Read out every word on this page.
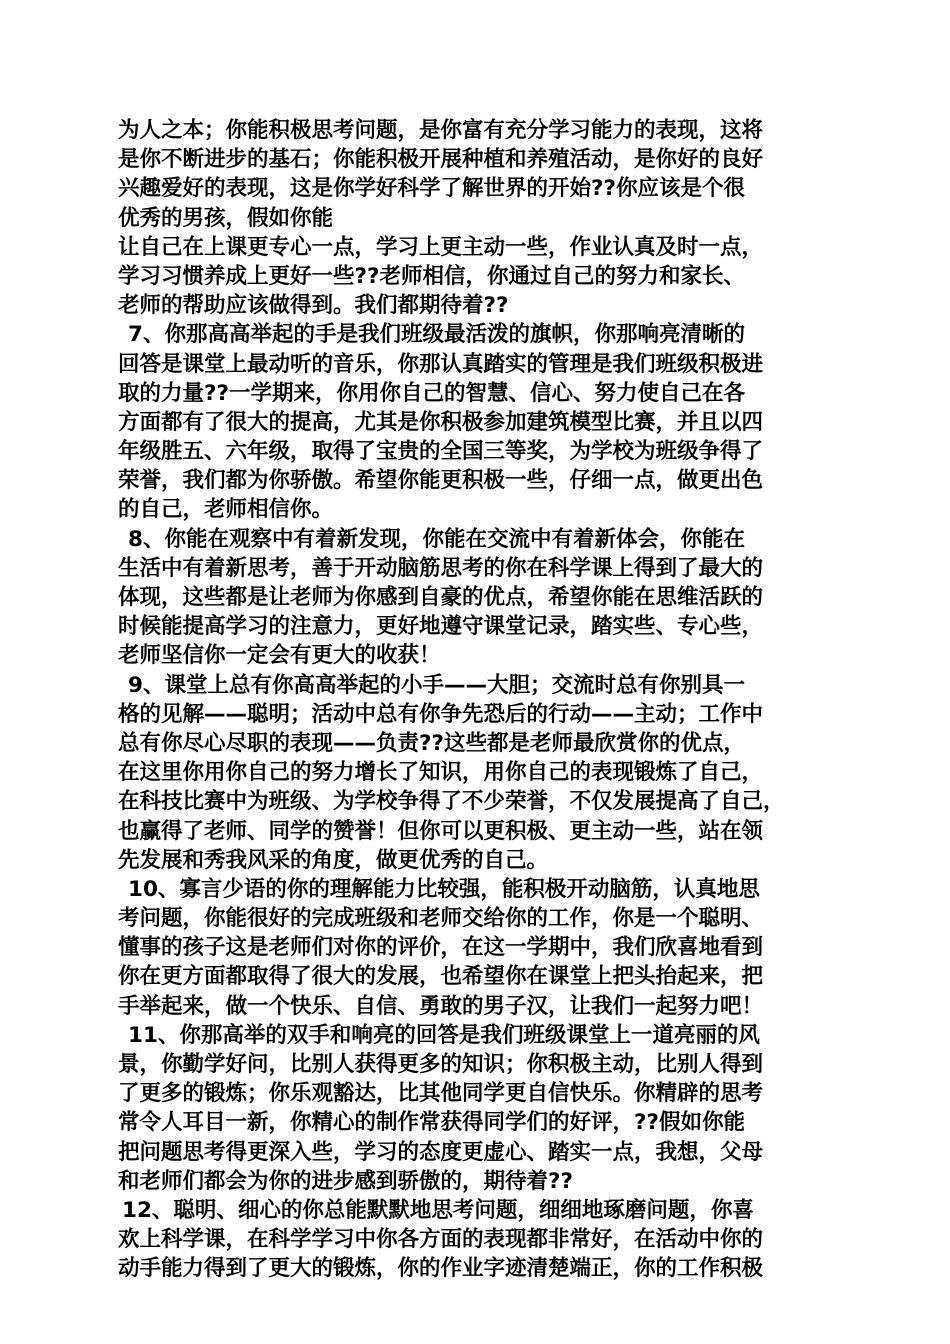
为人之本；你能积极思考问题，是你富有充分学习能力的表现，这将
是你不断进步的基石；你能积极开展种植和养殖活动，是你好的良好
兴趣爱好的表现，这是你学好科学了解世界的开始??你应该是个很
优秀的男孩，假如你能
让自己在上课更专心一点，学习上更主动一些，作业认真及时一点，
学习习惯养成上更好一些??老师相信，你通过自己的努力和家长、
老师的帮助应该做得到。我们都期待着??
7、你那高高举起的手是我们班级最活泼的旗帜，你那响亮清晰的
回答是课堂上最动听的音乐，你那认真踏实的管理是我们班级积极进
取的力量??一学期来，你用你自己的智慧、信心、努力使自己在各
方面都有了很大的提高，尤其是你积极参加建筑模型比赛，并且以四
年级胜五、六年级，取得了宝贵的全国三等奖，为学校为班级争得了
荣誉，我们都为你骄傲。希望你能更积极一些，仔细一点，做更出色
的自己，老师相信你。
8、你能在观察中有着新发现，你能在交流中有着新体会，你能在
生活中有着新思考，善于开动脑筋思考的你在科学课上得到了最大的
体现，这些都是让老师为你感到自豪的优点，希望你能在思维活跃的
时候能提高学习的注意力，更好地遵守课堂记录，踏实些、专心些，
老师坚信你一定会有更大的收获！
9、课堂上总有你高高举起的小手——大胆；交流时总有你别具一
格的见解——聪明；活动中总有你争先恐后的行动——主动；工作中
总有你尽心尽职的表现——负责??这些都是老师最欣赏你的优点，
在这里你用你自己的努力增长了知识，用你自己的表现锻炼了自己，
在科技比赛中为班级、为学校争得了不少荣誉，不仅发展提高了自己，
也赢得了老师、同学的赞誉！但你可以更积极、更主动一些，站在领
先发展和秀我风采的角度，做更优秀的自己。
10、寡言少语的你的理解能力比较强，能积极开动脑筋，认真地思
考问题，你能很好的完成班级和老师交给你的工作，你是一个聪明、
懂事的孩子这是老师们对你的评价，在这一学期中，我们欣喜地看到
你在更方面都取得了很大的发展，也希望你在课堂上把头抬起来，把
手举起来，做一个快乐、自信、勇敢的男子汉，让我们一起努力吧！
11、你那高举的双手和响亮的回答是我们班级课堂上一道亮丽的风
景，你勤学好问，比别人获得更多的知识；你积极主动，比别人得到
了更多的锻炼；你乐观豁达，比其他同学更自信快乐。你精辟的思考
常令人耳目一新，你精心的制作常获得同学们的好评，??假如你能
把问题思考得更深入些，学习的态度更虚心、踏实一点，我想，父母
和老师们都会为你的进步感到骄傲的，期待着??
12、聪明、细心的你总能默默地思考问题，细细地琢磨问题，你喜
欢上科学课，在科学学习中你各方面的表现都非常好，在活动中你的
动手能力得到了更大的锻炼，你的作业字迹清楚端正，你的工作积极
